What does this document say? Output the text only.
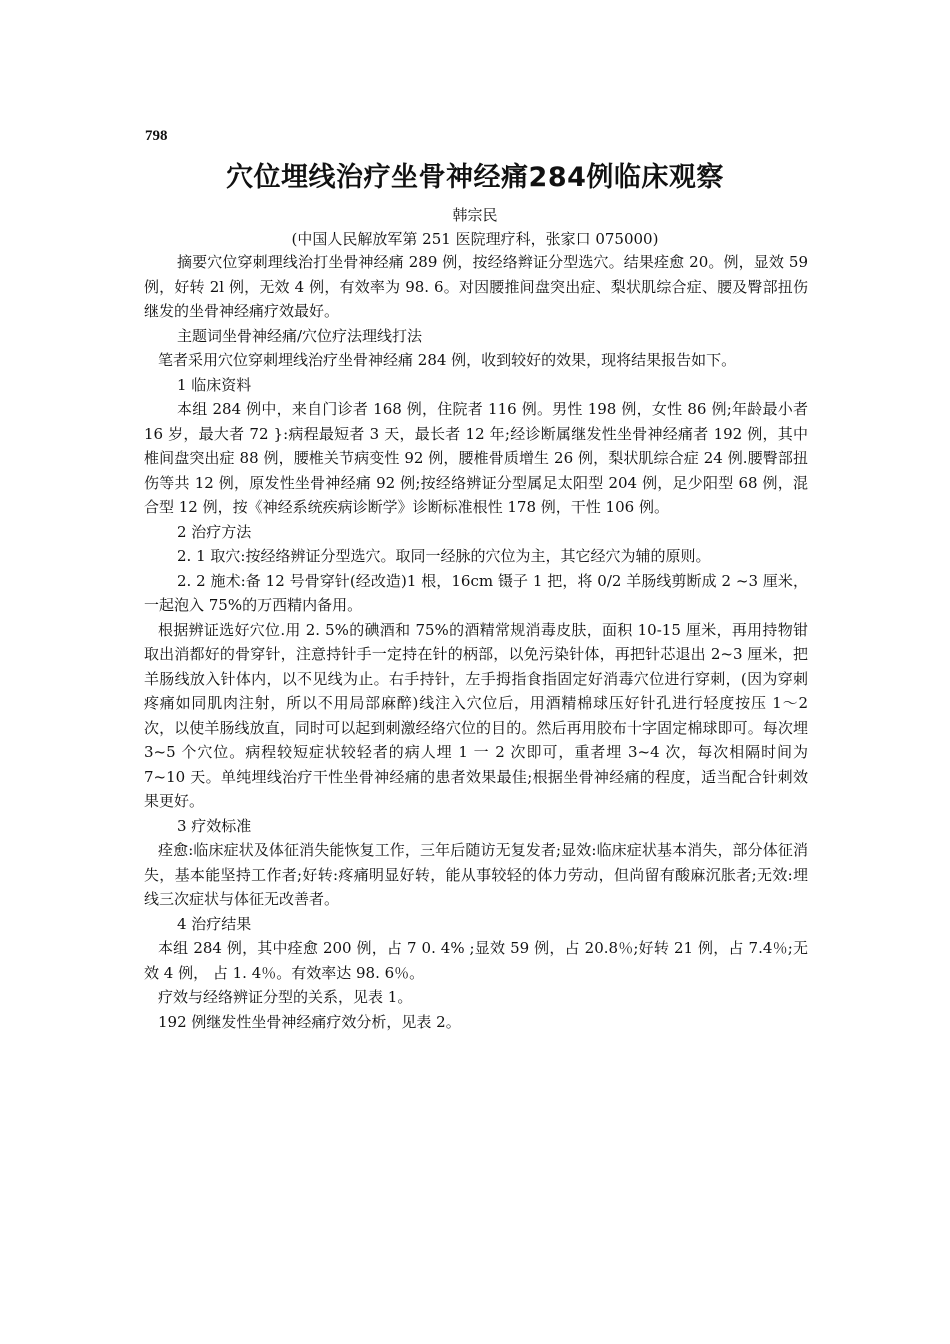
798
穴位埋线治疗坐骨神经痛284例临床观察
韩宗民
(中国人民解放军第 251 医院理疗科，张家口 075000)

摘要穴位穿刺理线治打坐骨神经痛 289 例，按经络辫证分型选穴。结果痊愈 20。例，显效 59 例，好转 2l 例，无效 4 例，有效率为 98. 6。对因腰推间盘突出症、梨状肌综合症、腰及臀部扭伤继发的坐骨神经痛疗效最好。

主题词坐骨神经痛/穴位疗法理线打法

笔者采用穴位穿刺埋线治疗坐骨神经痛 284 例，收到较好的效果，现将结果报告如下。

1 临床资料

本组 284 例中，来自门诊者 168 例，住院者 116 例。男性 198 例，女性 86 例;年龄最小者 16 岁，最大者 72 }:病程最短者 3 天，最长者 12 年;经诊断属继发性坐骨神经痛者 192 例，其中椎间盘突出症 88 例，腰椎关节病变性 92 例，腰椎骨质增生 26 例，梨状肌综合症 24 例.腰臀部扭伤等共 12 例，原发性坐骨神经痛 92 例;按经络辨证分型属足太阳型 204 例，足少阳型 68 例，混合型 12 例，按《神经系统疾病诊断学》诊断标准根性 178 例，干性 106 例。

2 治疗方法

2. 1 取穴:按经络辨证分型选穴。取同一经脉的穴位为主，其它经穴为辅的原则。

2. 2 施术:备 12 号骨穿针(经改造)1 根，16cm 镊子 1 把，将 0/2 羊肠线剪断成 2 ~3 厘米，一起泡入 75%的万西精内备用。

根据辨证选好穴位.用 2. 5%的碘酒和 75%的酒精常规消毒皮肤，面积 10-15 厘米，再用持物钳取出消都好的骨穿针，注意持针手一定持在针的柄部，以免污染针体，再把针芯退出 2~3 厘米，把羊肠线放入针体内，以不见线为止。右手持针，左手拇指食指固定好消毒穴位进行穿刺，(因为穿刺疼痛如同肌肉注射，所以不用局部麻醉)线注入穴位后，用酒精棉球压好针孔进行轻度按压 1～2 次，以使羊肠线放直，同时可以起到刺激经络穴位的目的。然后再用胶布十字固定棉球即可。每次埋 3~5 个穴位。病程较短症状较轻者的病人埋 1 一 2 次即可，重者埋 3~4 次，每次相隔时间为 7~10 天。单纯埋线治疗干性坐骨神经痛的患者效果最佳;根据坐骨神经痛的程度，适当配合针刺效果更好。

3 疗效标准

痊愈:临床症状及体征消失能恢复工作，三年后随访无复发者;显效:临床症状基本消失，部分体征消失，基本能坚持工作者;好转:疼痛明显好转，能从事较轻的体力劳动，但尚留有酸麻沉胀者;无效:埋线三次症状与体征无改善者。

4 治疗结果

本组 284 例，其中痊愈 200 例，占 7 0. 4% ;显效 59 例，占 20.8％;好转 21 例，占 7.4％;无效 4 例， 占 1. 4％。有效率达 98. 6％。

疗效与经络辨证分型的关系，见表 1。

192 例继发性坐骨神经痛疗效分析，见表 2。
